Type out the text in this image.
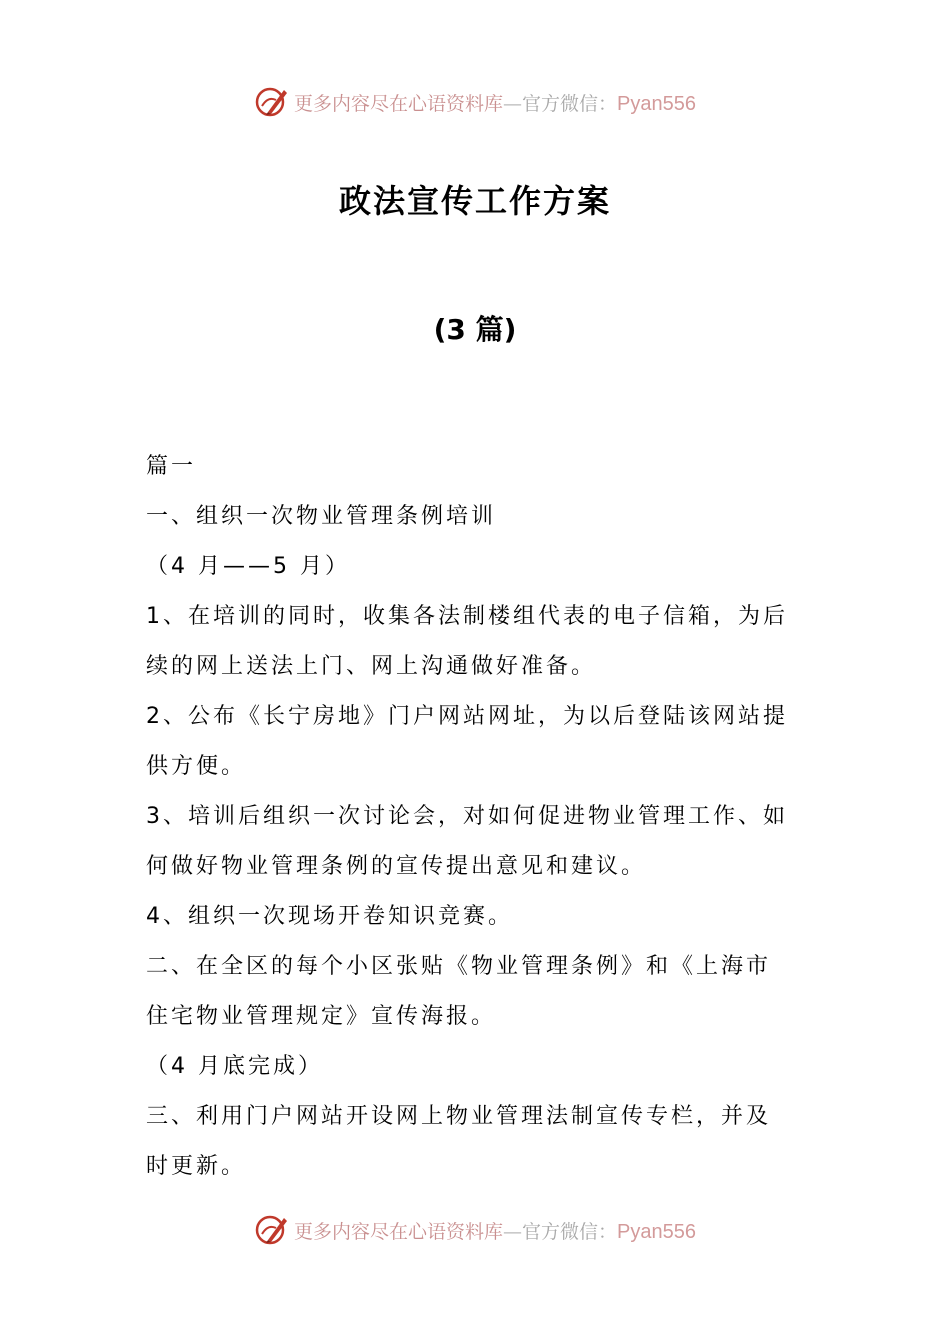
更多内容尽在心语资料库—官方微信：Pyan556
政法宣传工作方案
(3 篇)

篇一

一、组织一次物业管理条例培训

（4 月——5 月）

1、在培训的同时，收集各法制楼组代表的电子信箱，为后

续的网上送法上门、网上沟通做好准备。

2、公布《长宁房地》门户网站网址，为以后登陆该网站提

供方便。

3、培训后组织一次讨论会，对如何促进物业管理工作、如

何做好物业管理条例的宣传提出意见和建议。

4、组织一次现场开卷知识竞赛。

二、在全区的每个小区张贴《物业管理条例》和《上海市

住宅物业管理规定》宣传海报。

（4 月底完成）

三、利用门户网站开设网上物业管理法制宣传专栏，并及

时更新。

更多内容尽在心语资料库—官方微信：Pyan556
